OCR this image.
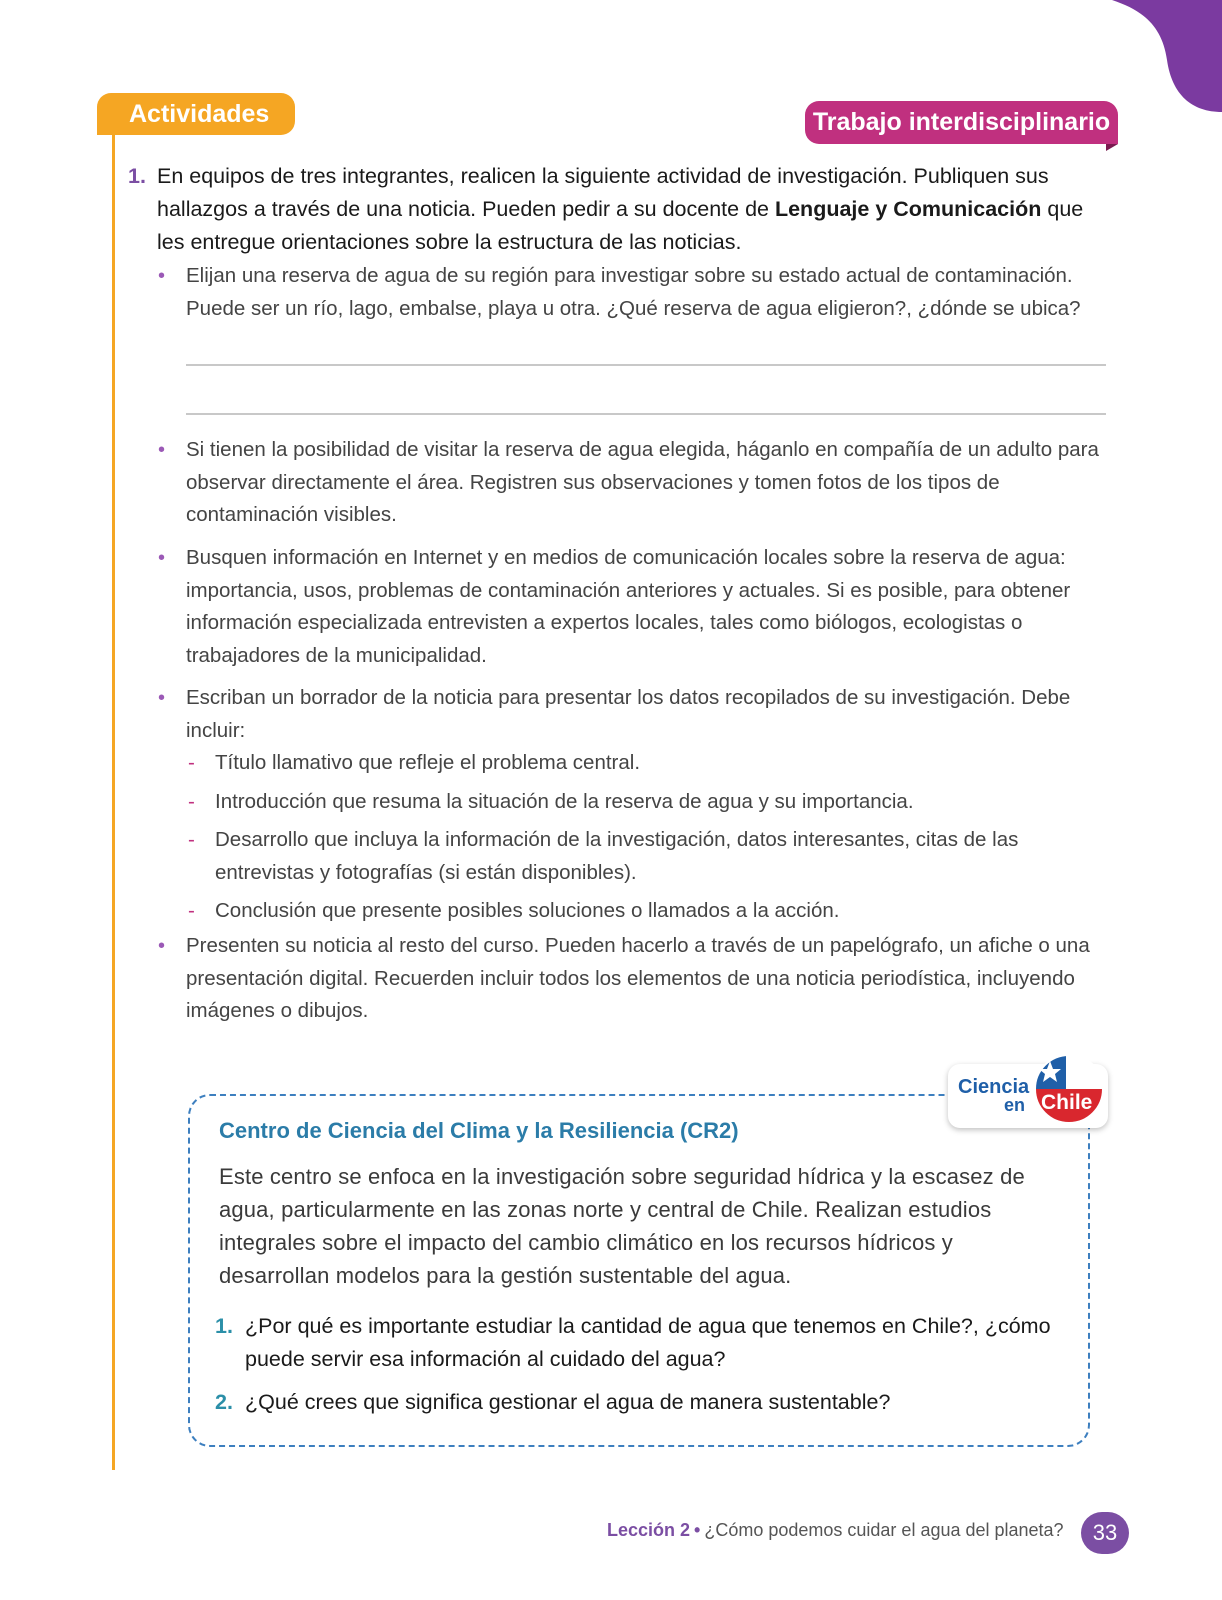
Actividades	Trabajo interdisciplinario
1. En equipos de tres integrantes, realicen la siguiente actividad de investigación. Publiquen sus hallazgos a través de una noticia. Pueden pedir a su docente de Lenguaje y Comunicación que les entregue orientaciones sobre la estructura de las noticias.
• Elijan una reserva de agua de su región para investigar sobre su estado actual de contaminación. Puede ser un río, lago, embalse, playa u otra. ¿Qué reserva de agua eligieron?, ¿dónde se ubica?
• Si tienen la posibilidad de visitar la reserva de agua elegida, háganlo en compañía de un adulto para observar directamente el área. Registren sus observaciones y tomen fotos de los tipos de contaminación visibles.
• Busquen información en Internet y en medios de comunicación locales sobre la reserva de agua: importancia, usos, problemas de contaminación anteriores y actuales. Si es posible, para obtener información especializada entrevisten a expertos locales, tales como biólogos, ecologistas o trabajadores de la municipalidad.
• Escriban un borrador de la noticia para presentar los datos recopilados de su investigación. Debe incluir:
- Título llamativo que refleje el problema central.
- Introducción que resuma la situación de la reserva de agua y su importancia.
- Desarrollo que incluya la información de la investigación, datos interesantes, citas de las entrevistas y fotografías (si están disponibles).
- Conclusión que presente posibles soluciones o llamados a la acción.
• Presenten su noticia al resto del curso. Pueden hacerlo a través de un papelógrafo, un afiche o una presentación digital. Recuerden incluir todos los elementos de una noticia periodística, incluyendo imágenes o dibujos.
Ciencia
en Chile
Centro de Ciencia del Clima y la Resiliencia (CR2)
Este centro se enfoca en la investigación sobre seguridad hídrica y la escasez de agua, particularmente en las zonas norte y central de Chile. Realizan estudios integrales sobre el impacto del cambio climático en los recursos hídricos y desarrollan modelos para la gestión sustentable del agua.
1. ¿Por qué es importante estudiar la cantidad de agua que tenemos en Chile?, ¿cómo puede servir esa información al cuidado del agua?
2. ¿Qué crees que significa gestionar el agua de manera sustentable?
Lección 2 • ¿Cómo podemos cuidar el agua del planeta?	33
